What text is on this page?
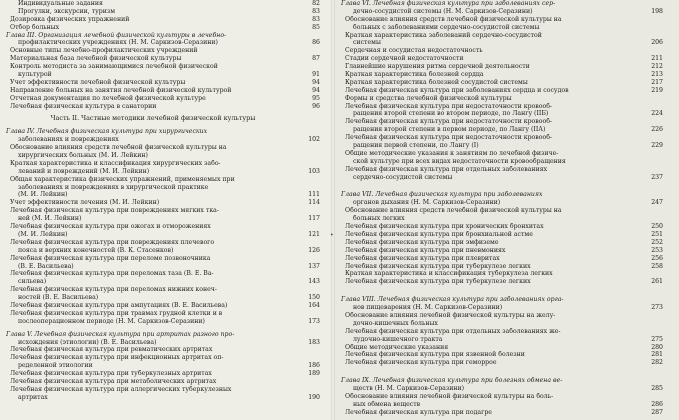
Индивидуальные задания
Прогулки, экскурсии, туризм
Дозировка физических упражнений
Отбор больных
Глава III. Организация лечебной физической культуры в лечебно-
профилактических учреждениях (Н. М. Саркизов-Серазини)
Основные типы лечебно-профилактических учреждений
Материальная база лечебной физической культуры
Контроль методиста за занимающимися лечебной физической
культурой
Учет эффективности лечебной физической культуры
Направление больных на занятия лечебной физической культурой
Отчетная документация по лечебной физической культуре
Лечебная физическая культура в санатории
Часть II. Частные методики лечебной физической культуры
Глава IV. Лечебная физическая культура при хирургических
заболеваниях и повреждениях
Обоснование влияния средств лечебной физической культуры на
хирургических больных (М. И. Лейкин)
Краткая характеристика и классификация хирургических забо-
леваний и повреждений (М. И. Лейкин)
Общая характеристика физических упражнений, применяемых при
заболеваниях и повреждениях в хирургической практике
(М. И. Лейкин)
Учет эффективности лечения (М. И. Лейкин)
Лечебная физическая культура при повреждениях мягких тка-
ней (М. И. Лейкин)
Лечебная физическая культура при ожогах и отморожениях
(М. И. Лейкин)
Лечебная физическая культура при повреждениях плечевого
пояса и верхних конечностей (В. К. Стасенков)
Лечебная физическая культура при переломе позвоночника
(В. Е. Васильева)
Лечебная физическая культура при переломах таза (В. Е. Ва-
сильева)
Лечебная физическая культура при переломах нижних конеч-
ностей (В. Е. Васильева)
Лечебная физическая культура при ампутациях (В. Е. Васильева)
Лечебная физическая культура при травмах грудной клетки и в
послеоперационном периоде (Н. М. Саркизов-Серазини)
Глава V. Лечебная физическая культура при артритах разного про-
исхождения (этиологии) (В. Е. Васильева)
Лечебная физическая культура при ревматических артритах
Лечебная физическая культура при инфекционных артритах оп-
ределенной этиологии
Лечебная физическая культура при туберкулезных артритах
Лечебная физическая культура при метаболических артритах
Лечебная физическая культура при аллергических туберкулезных
артритах
82
83
83
85
86
87
91
94
94
95
96
102
103
111
114
117
121
126
137
143
150
164
173
183
186
189
190
Глава VI. Лечебная физическая культура при заболеваниях сер-
дечно-сосудистой системы (Н. М. Саркизов-Серазини)
Обоснование влияния средств лечебной физической культуры на
больных с заболеваниями сердечно-сосудистой системы
Краткая характеристика заболеваний сердечно-сосудистой
системы
Сердечная и сосудистая недостаточность
Стадии сердечной недостаточности
Главнейшие нарушения ритма сердечной деятельности
Краткая характеристика болезней сердца
Краткая характеристика болезней сосудистой системы
Лечебная физическая культура при заболеваниях сердца и сосудов
Формы и средства лечебной физической культуры
Лечебная физическая культура при недостаточности кровооб-
ращения второй степени во втором периоде, по Лангу (IIБ)
Лечебная физическая культура при недостаточности кровооб-
ращения второй степени в первом периоде, по Лангу (IIА)
Лечебная физическая культура при недостаточности кровооб-
ращения первой степени, по Лангу (I)
Общие методические указания к занятиям по лечебной физиче-
ской культуре при всех видах недостаточности кровообращения
Лечебная физическая культура при отдельных заболеваниях
сердечно-сосудистой системы
Глава VII. Лечебная физическая культура при заболеваниях
органов дыхания (Н. М. Саркизов-Серазини)
Обоснование влияния средств лечебной физической культуры на
больных легких
Лечебная физическая культура при хронических бронхитах
Лечебная физическая культура при бронхиальной астме
Лечебная физическая культура при эмфиземе
Лечебная физическая культура при пневмониях
Лечебная физическая культура при плевритах
Лечебная физическая культура при туберкулезе легких
Краткая характеристика и классификация туберкулеза легких
Лечебная физическая культура при туберкулезе легких
Глава VIII. Лечебная физическая культура при заболеваниях орга-
нов пищеварения (Н. М. Саркизов-Серазини)
Обоснование влияния лечебной физической культуры на желу-
дочно-кишечных больных
Лечебная физическая культура при отдельных заболеваниях же-
лудочно-кишечного тракта
Общие методические указания
Лечебная физическая культура при язвенной болезни
Лечебная физическая культура при геморрое
Глава IX. Лечебная физическая культура при болезнях обмена ве-
ществ (Н. М. Саркизов-Серазини)
Обоснование влияния лечебной физической культуры на боль-
ных обмена веществ
Лечебная физическая культура при подагре
198
206
211
212
213
217
219
224
226
229
237
247
250
251
252
253
256
258
261
273
275
280
281
282
285
286
287
•
